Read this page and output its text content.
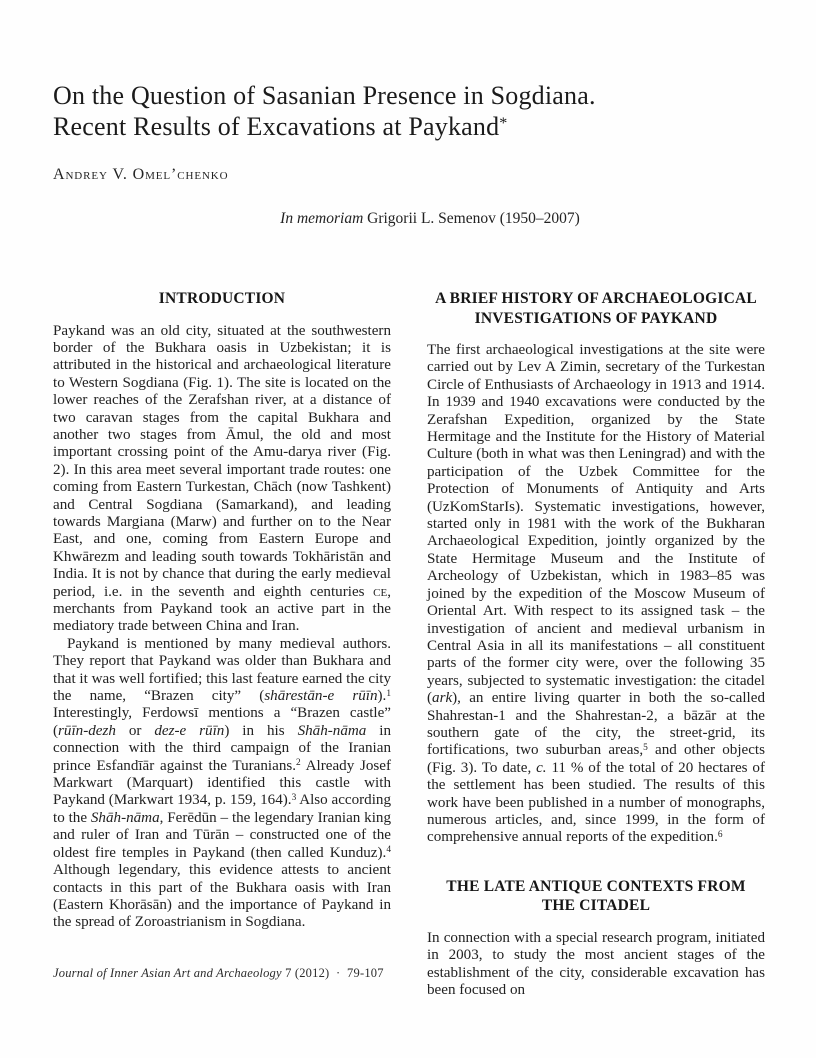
On the Question of Sasanian Presence in Sogdiana.
Recent Results of Excavations at Paykand*
Andrey V. Omel’chenko
In memoriam Grigorii L. Semenov (1950–2007)
INTRODUCTION

Paykand was an old city, situated at the southwestern border of the Bukhara oasis in Uzbekistan; it is attributed in the historical and archaeological literature to Western Sogdiana (Fig. 1). The site is located on the lower reaches of the Zerafshan river, at a distance of two caravan stages from the capital Bukhara and another two stages from Āmul, the old and most important crossing point of the Amu-darya river (Fig. 2). In this area meet several important trade routes: one coming from Eastern Turkestan, Chāch (now Tashkent) and Central Sogdiana (Samarkand), and leading towards Margiana (Marw) and further on to the Near East, and one, coming from Eastern Europe and Khwārezm and leading south towards Tokhāristān and India. It is not by chance that during the early medieval period, i.e. in the seventh and eighth centuries ce, merchants from Paykand took an active part in the mediatory trade between China and Iran.

Paykand is mentioned by many medieval authors. They report that Paykand was older than Bukhara and that it was well fortified; this last feature earned the city the name, “Brazen city” (shārestān-e rūīn).$^1$ Interestingly, Ferdowsī mentions a “Brazen castle” (rūīn-dezh or dez-e rūīn) in his Shāh-nāma in connection with the third campaign of the Iranian prince Esfandīār against the Turanians.$^2$ Already Josef Markwart (Marquart) identified this castle with Paykand (Markwart 1934, p. 159, 164).$^3$ Also according to the Shāh-nāma, Ferēdūn – the legendary Iranian king and ruler of Iran and Tūrān – constructed one of the oldest fire temples in Paykand (then called Kunduz).$^4$ Although legendary, this evidence attests to ancient contacts in this part of the Bukhara oasis with Iran (Eastern Khorāsān) and the importance of Paykand in the spread of Zoroastrianism in Sogdiana.

A BRIEF HISTORY OF ARCHAEOLOGICAL
INVESTIGATIONS OF PAYKAND

The first archaeological investigations at the site were carried out by Lev A Zimin, secretary of the Turkestan Circle of Enthusiasts of Archaeology in 1913 and 1914. In 1939 and 1940 excavations were conducted by the Zerafshan Expedition, organized by the State Hermitage and the Institute for the History of Material Culture (both in what was then Leningrad) and with the participation of the Uzbek Committee for the Protection of Monuments of Antiquity and Arts (UzKomStarIs). Systematic investigations, however, started only in 1981 with the work of the Bukharan Archaeological Expedition, jointly organized by the State Hermitage Museum and the Institute of Archeology of Uzbekistan, which in 1983–85 was joined by the expedition of the Moscow Museum of Oriental Art. With respect to its assigned task – the investigation of ancient and medieval urbanism in Central Asia in all its manifestations – all constituent parts of the former city were, over the following 35 years, subjected to systematic investigation: the citadel (ark), an entire living quarter in both the so-called Shahrestan-1 and the Shahrestan-2, a bāzār at the southern gate of the city, the street-grid, its fortifications, two suburban areas,$^5$ and other objects (Fig. 3). To date, c. 11 % of the total of 20 hectares of the settlement has been studied. The results of this work have been published in a number of monographs, numerous articles, and, since 1999, in the form of comprehensive annual reports of the expedition.$^6$

THE LATE ANTIQUE CONTEXTS FROM
THE CITADEL

In connection with a special research program, initiated in 2003, to study the most ancient stages of the establishment of the city, considerable excavation has been focused on

Journal of Inner Asian Art and Archaeology 7 (2012)  ·  79-107
